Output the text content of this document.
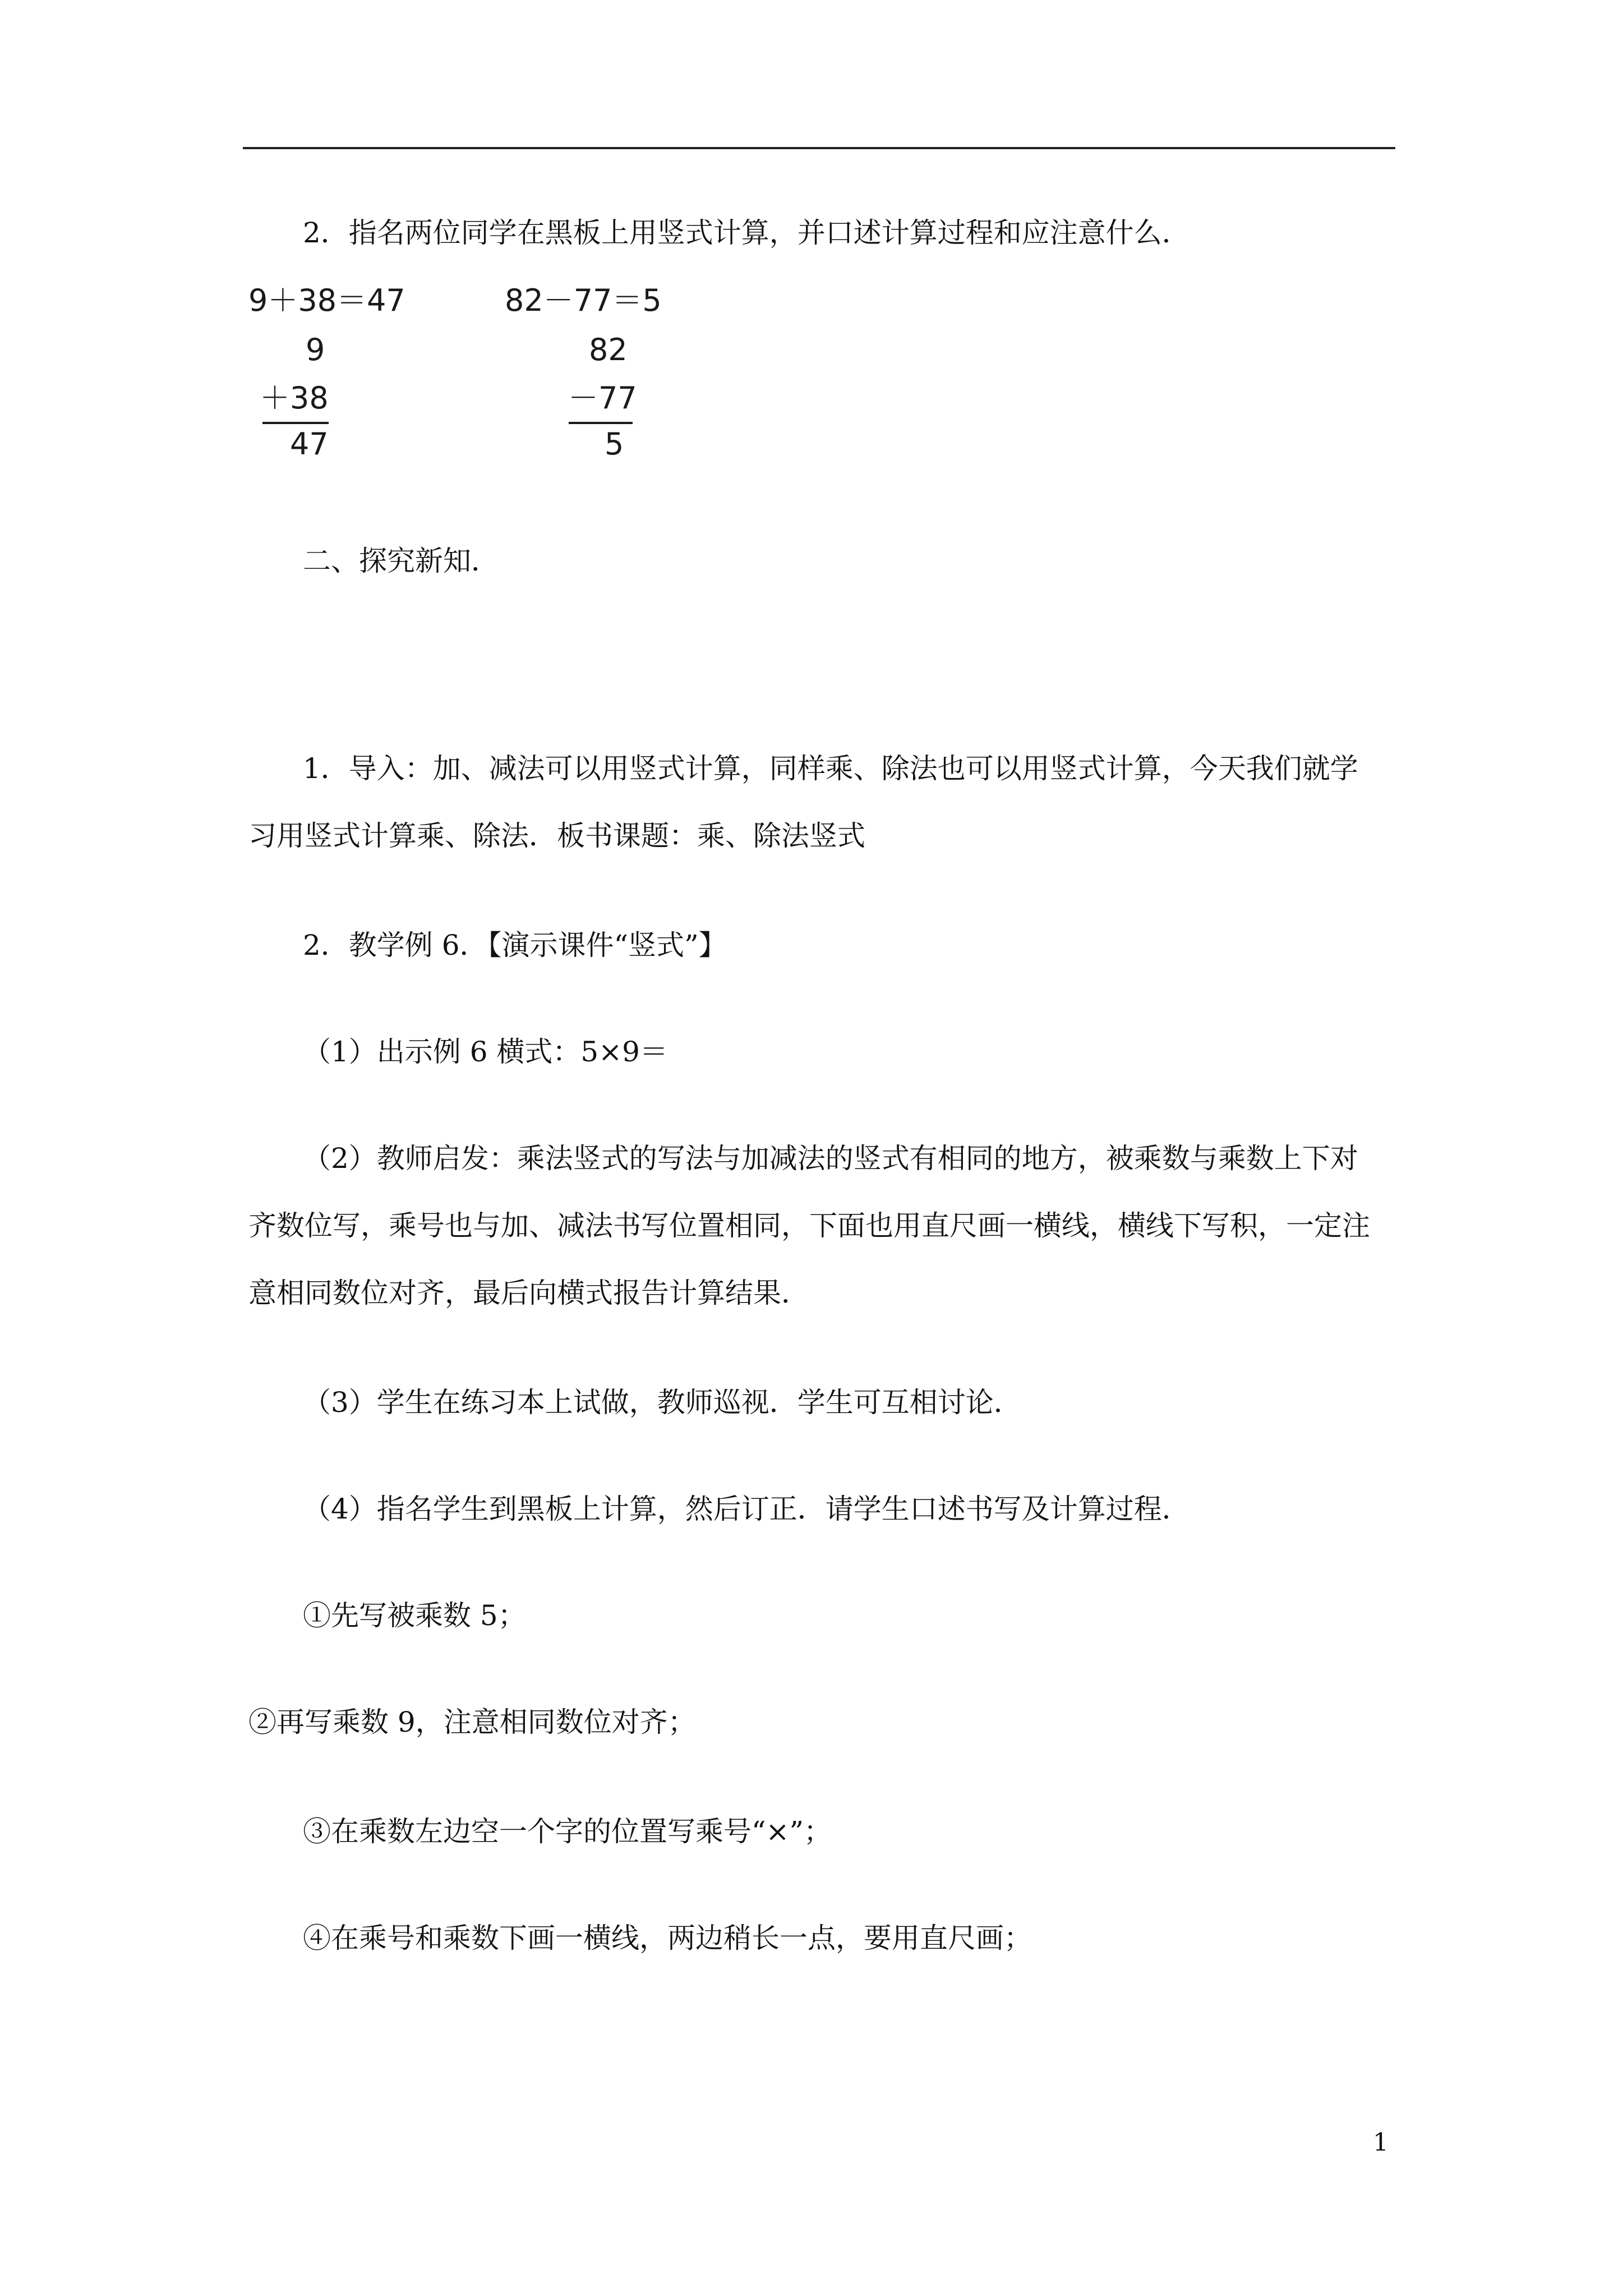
2．指名两位同学在黑板上用竖式计算，并口述计算过程和应注意什么．

9＋38＝47

9

＋38

47

82－77＝5

82

－77

5

二、探究新知．

1．导入：加、减法可以用竖式计算，同样乘、除法也可以用竖式计算，今天我们就学

习用竖式计算乘、除法．板书课题：乘、除法竖式

2．教学例 6．【演示课件“竖式”】

（1）出示例 6 横式：5×9＝

（2）教师启发：乘法竖式的写法与加减法的竖式有相同的地方，被乘数与乘数上下对

齐数位写，乘号也与加、减法书写位置相同，下面也用直尺画一横线，横线下写积，一定注

意相同数位对齐，最后向横式报告计算结果．

（3）学生在练习本上试做，教师巡视．学生可互相讨论．

（4）指名学生到黑板上计算，然后订正．请学生口述书写及计算过程．

①先写被乘数 5；

②再写乘数 9，注意相同数位对齐；

③在乘数左边空一个字的位置写乘号“×”；

④在乘号和乘数下画一横线，两边稍长一点，要用直尺画；

1
